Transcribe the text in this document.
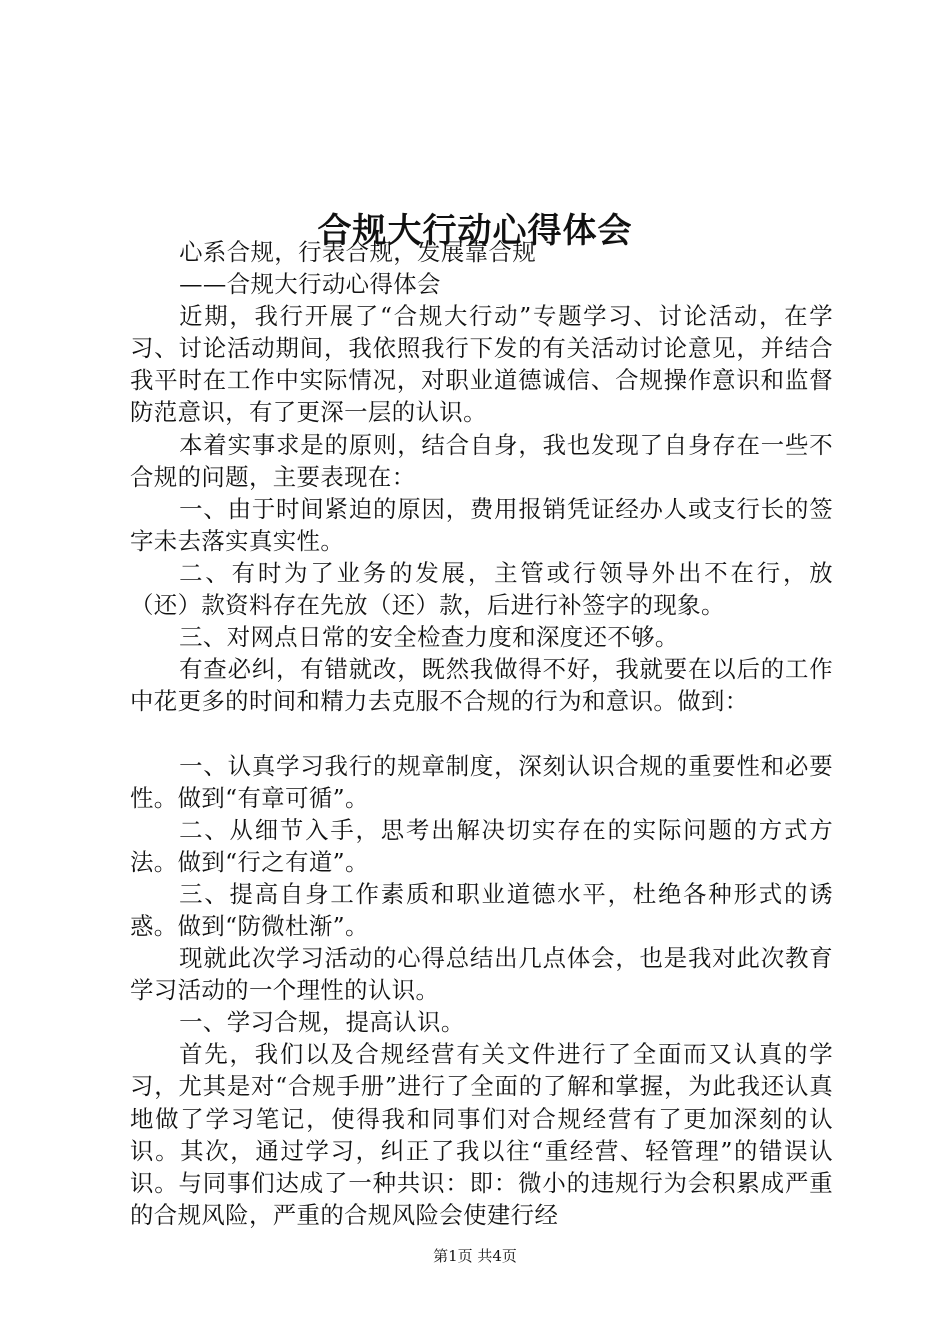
合规大行动心得体会

心系合规，行表合规，发展靠合规

——合规大行动心得体会

近期，我行开展了“合规大行动”专题学习、讨论活动，在学习、讨论活动期间，我依照我行下发的有关活动讨论意见，并结合我平时在工作中实际情况，对职业道德诚信、合规操作意识和监督防范意识，有了更深一层的认识。

本着实事求是的原则，结合自身，我也发现了自身存在一些不合规的问题，主要表现在：

一、由于时间紧迫的原因，费用报销凭证经办人或支行长的签字未去落实真实性。

二、有时为了业务的发展，主管或行领导外出不在行，放（还）款资料存在先放（还）款，后进行补签字的现象。

三、对网点日常的安全检查力度和深度还不够。

有查必纠，有错就改，既然我做得不好，我就要在以后的工作中花更多的时间和精力去克服不合规的行为和意识。做到：

一、认真学习我行的规章制度，深刻认识合规的重要性和必要性。做到“有章可循”。

二、从细节入手，思考出解决切实存在的实际问题的方式方法。做到“行之有道”。

三、提高自身工作素质和职业道德水平，杜绝各种形式的诱惑。做到“防微杜渐”。

现就此次学习活动的心得总结出几点体会，也是我对此次教育学习活动的一个理性的认识。

一、学习合规，提高认识。

首先，我们以及合规经营有关文件进行了全面而又认真的学习，尤其是对“合规手册”进行了全面的了解和掌握，为此我还认真地做了学习笔记，使得我和同事们对合规经营有了更加深刻的认识。其次，通过学习，纠正了我以往“重经营、轻管理”的错误认识。与同事们达成了一种共识：即：微小的违规行为会积累成严重的合规风险，严重的合规风险会使建行经

第1页 共4页
